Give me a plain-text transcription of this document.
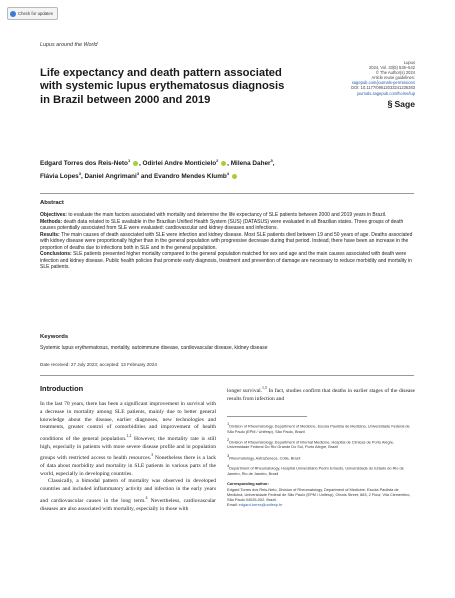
Check for updates
Lupus around the World
Life expectancy and death pattern associated with systemic lupus erythematosus diagnosis in Brazil between 2000 and 2019
Lupus
2024, Vol. 33(5) 536–542
© The Author(s) 2024
Article reuse guidelines:
sagepub.com/journals-permissions
DOI: 10.1177/09612033241236383
journals.sagepub.com/home/lup
§ Sage
Edgard Torres dos Reis-Neto$^1$ , Odirlei Andre Monticielo$^2$ , Milena Daher$^3$,
Flávia Lopes$^3$, Daniel Angrimani$^3$ and Evandro Mendes Klumb$^4$
Abstract

Objectives: to evaluate the main factors associated with mortality and determine the life expectancy of SLE patients between 2000 and 2019 years in Brazil.

Methods: death data related to SLE available in the Brazilian Unified Health System (SUS) (DATASUS) were evaluated in all Brazilian states. Three groups of death causes potentially associated from SLE were evaluated: cardiovascular and kidney diseases and infections.

Results: The main causes of death associated with SLE were infection and kidney disease. Most SLE patients died between 19 and 50 years of age. Deaths associated with kidney disease were proportionally higher than in the general population with progressive decrease during that period. Instead, there have been an increase in the proportion of deaths due to infections both in SLE and in the general population.

Conclusions: SLE patients presented higher mortality compared to the general population matched for sex and age and the main causes associated with death were infection and kidney disease. Public health policies that promote early diagnosis, treatment and prevention of damage are necessary to reduce morbidity and mortality in SLE patients.

Keywords
Systemic lupus erythematosus, mortality, autoimmune disease, cardiovascular disease, kidney disease
Date received: 27 July 2023; accepted: 13 February 2024
Introduction

In the last 70 years, there has been a significant improvement in survival with a decrease in mortality among SLE patients, mainly due to better general knowledge about the disease, earlier diagnoses, new technologies and treatments, greater control of comorbidities and improvement of health conditions of the general population.$^{1,2}$ However, the mortality rate is still high, especially in patients with more severe disease profile and in population groups with restricted access to health resources.$^3$ Nonetheless there is a lack of data about morbidity and mortality in SLE patients in various parts of the world, especially in developing countries.

Classically, a bimodal pattern of mortality was observed in developed countries and included inflammatory activity and infection in the early years and cardiovascular causes in the long term.$^4$ Nevertheless, cardiovascular diseases are also associated with mortality, especially in those with

longer survival.$^{1,5}$ In fact, studies confirm that deaths in earlier stages of the disease results from infection and

$^1$Division of Rheumatology, Department of Medicine, Escola Paulista de Medicina, Universidade Federal de São Paulo (EPM / Unifesp), São Paulo, Brazil

$^2$Division of Rheumatology, Department of Internal Medicine, Hospital de Clínicas de Porto Alegre, Universidade Federal Do Rio Grande Do Sul, Porto Alegre, Brazil

$^3$Rheumatology, AstraZeneca, Cotia, Brazil

$^4$Department of Rheumatology, Hospital Universitário Pedro Ernesto, Universidade do Estado do Rio de Janeiro, Rio de Janeiro, Brazil

Corresponding author:
Edgard Torres dos Reis-Neto, Division of Rheumatology, Department of Medicine, Escola Paulista de Medicina, Universidade Federal de São Paulo (EPM / Unifesp), Otonis Street, 863, 2 Floor, Vila Clementino, São Paulo 04025-002, Brazil.
Email: edgard.torres@unifesp.br
